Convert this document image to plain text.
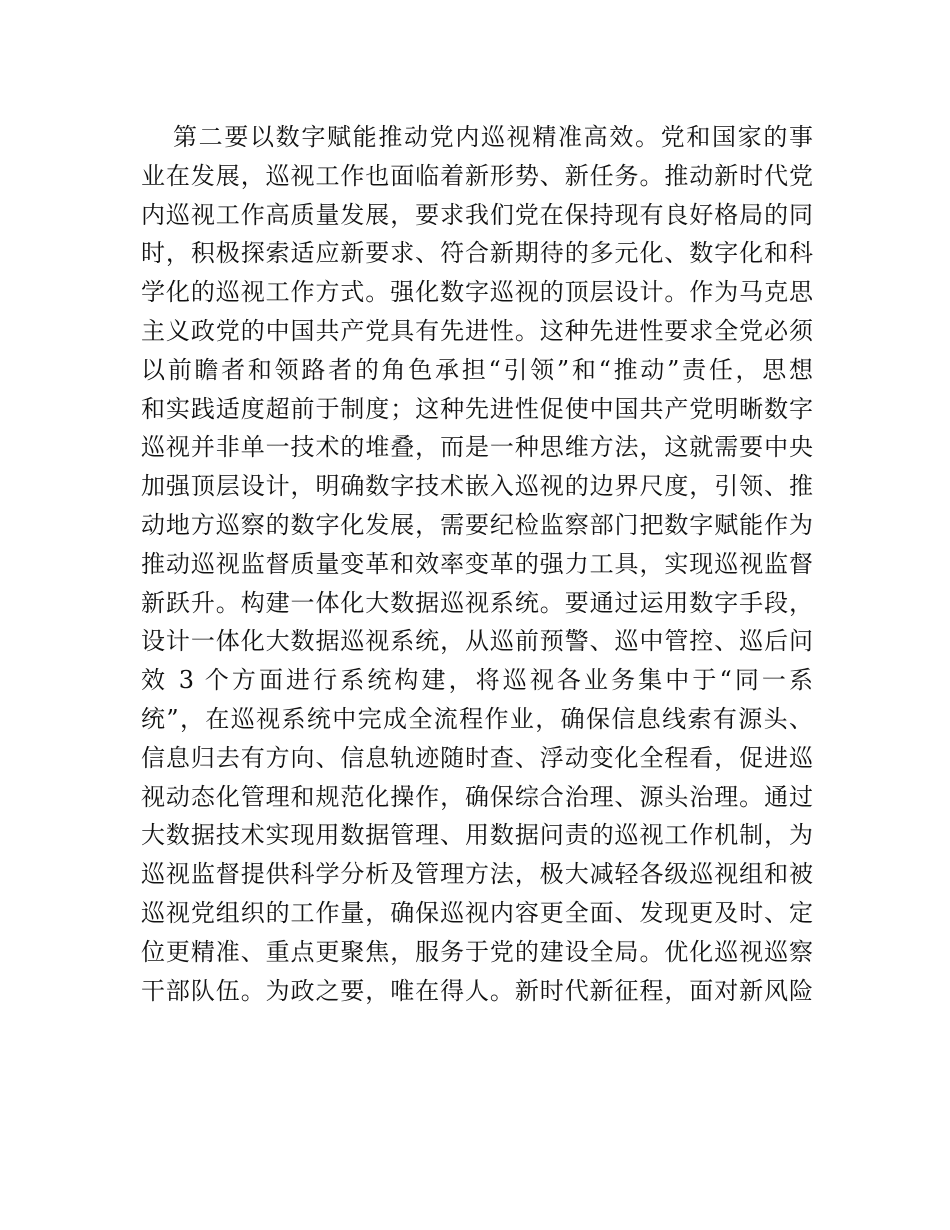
第二要以数字赋能推动党内巡视精准高效。党和国家的事
业在发展，巡视工作也面临着新形势、新任务。推动新时代党
内巡视工作高质量发展，要求我们党在保持现有良好格局的同
时，积极探索适应新要求、符合新期待的多元化、数字化和科
学化的巡视工作方式。强化数字巡视的顶层设计。作为马克思
主义政党的中国共产党具有先进性。这种先进性要求全党必须
以前瞻者和领路者的角色承担“引领”和“推动”责任，思想
和实践适度超前于制度；这种先进性促使中国共产党明晰数字
巡视并非单一技术的堆叠，而是一种思维方法，这就需要中央
加强顶层设计，明确数字技术嵌入巡视的边界尺度，引领、推
动地方巡察的数字化发展，需要纪检监察部门把数字赋能作为
推动巡视监督质量变革和效率变革的强力工具，实现巡视监督
新跃升。构建一体化大数据巡视系统。要通过运用数字手段，
设计一体化大数据巡视系统，从巡前预警、巡中管控、巡后问
效 3 个方面进行系统构建，将巡视各业务集中于“同一系
统”，在巡视系统中完成全流程作业，确保信息线索有源头、
信息归去有方向、信息轨迹随时查、浮动变化全程看，促进巡
视动态化管理和规范化操作，确保综合治理、源头治理。通过
大数据技术实现用数据管理、用数据问责的巡视工作机制，为
巡视监督提供科学分析及管理方法，极大减轻各级巡视组和被
巡视党组织的工作量，确保巡视内容更全面、发现更及时、定
位更精准、重点更聚焦，服务于党的建设全局。优化巡视巡察
干部队伍。为政之要，唯在得人。新时代新征程，面对新风险
